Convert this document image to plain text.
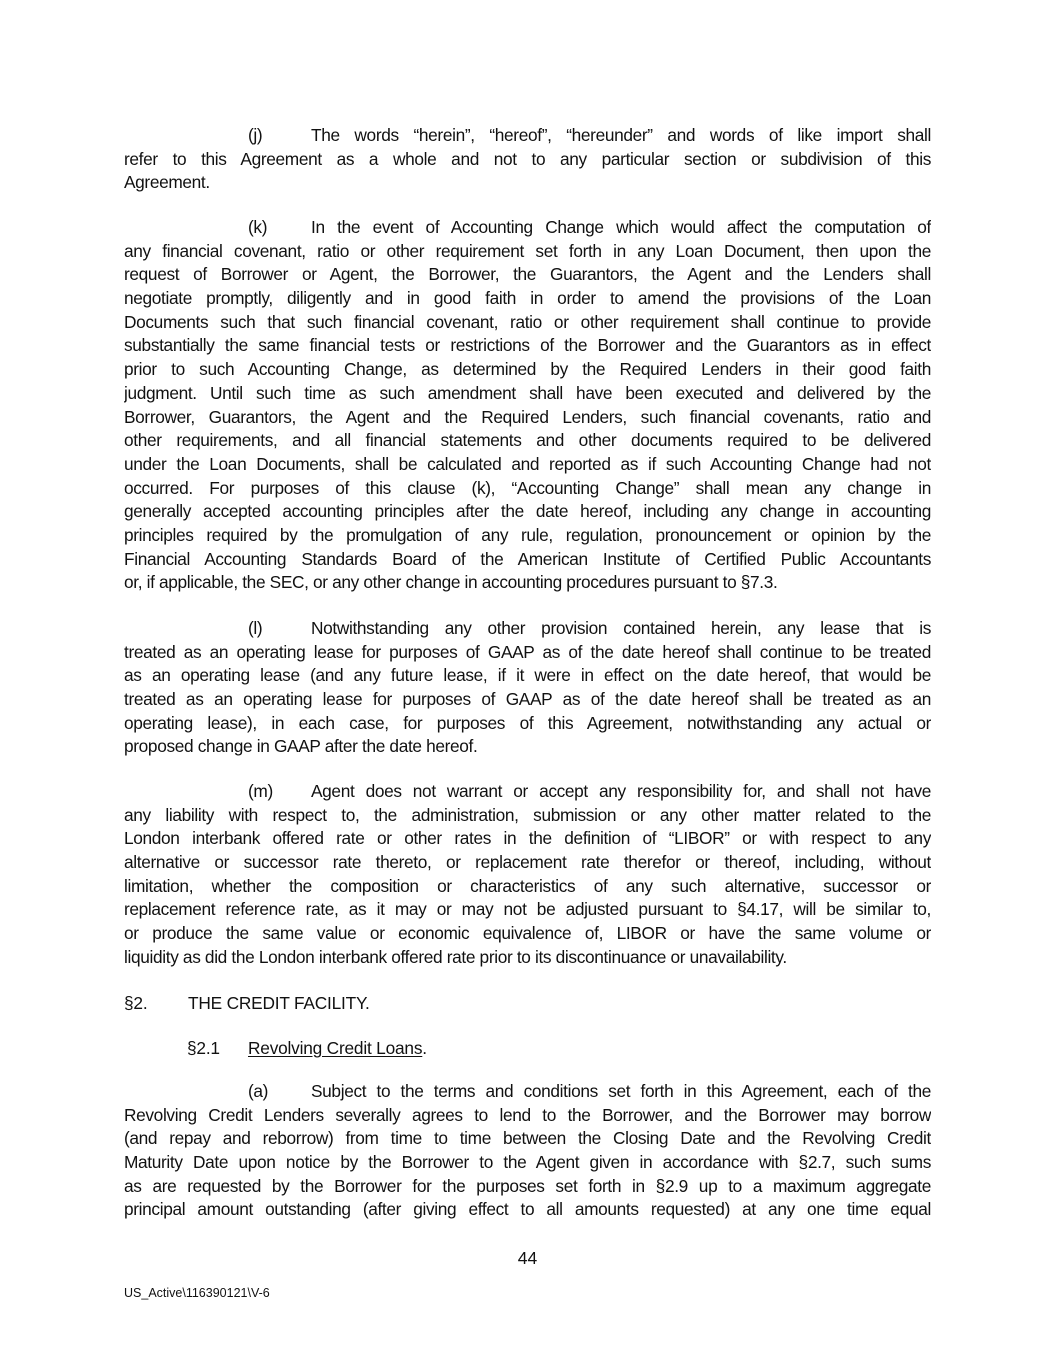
(j)	The words “herein”, “hereof”, “hereunder” and words of like import shall
refer to this Agreement as a whole and not to any particular section or subdivision of this
Agreement.
(k)	In the event of Accounting Change which would affect the computation of
any financial covenant, ratio or other requirement set forth in any Loan Document, then upon the
request of Borrower or Agent, the Borrower, the Guarantors, the Agent and the Lenders shall
negotiate promptly, diligently and in good faith in order to amend the provisions of the Loan
Documents such that such financial covenant, ratio or other requirement shall continue to provide
substantially the same financial tests or restrictions of the Borrower and the Guarantors as in effect
prior to such Accounting Change, as determined by the Required Lenders in their good faith
judgment. Until such time as such amendment shall have been executed and delivered by the
Borrower, Guarantors, the Agent and the Required Lenders, such financial covenants, ratio and
other requirements, and all financial statements and other documents required to be delivered
under the Loan Documents, shall be calculated and reported as if such Accounting Change had not
occurred. For purposes of this clause (k), “Accounting Change” shall mean any change in
generally accepted accounting principles after the date hereof, including any change in accounting
principles required by the promulgation of any rule, regulation, pronouncement or opinion by the
Financial Accounting Standards Board of the American Institute of Certified Public Accountants
or, if applicable, the SEC, or any other change in accounting procedures pursuant to §7.3.
(l)	Notwithstanding any other provision contained herein, any lease that is
treated as an operating lease for purposes of GAAP as of the date hereof shall continue to be treated
as an operating lease (and any future lease, if it were in effect on the date hereof, that would be
treated as an operating lease for purposes of GAAP as of the date hereof shall be treated as an
operating lease), in each case, for purposes of this Agreement, notwithstanding any actual or
proposed change in GAAP after the date hereof.
(m) Agent does not warrant or accept any responsibility for, and shall not have
any liability with respect to, the administration, submission or any other matter related to the
London interbank offered rate or other rates in the definition of “LIBOR” or with respect to any
alternative or successor rate thereto, or replacement rate therefor or thereof, including, without
limitation, whether the composition or characteristics of any such alternative, successor or
replacement reference rate, as it may or may not be adjusted pursuant to §4.17, will be similar to,
or produce the same value or economic equivalence of, LIBOR or have the same volume or
liquidity as did the London interbank offered rate prior to its discontinuance or unavailability.
§2. THE CREDIT FACILITY.
§2.1 Revolving Credit Loans.
(a) Subject to the terms and conditions set forth in this Agreement, each of the
Revolving Credit Lenders severally agrees to lend to the Borrower, and the Borrower may borrow
(and repay and reborrow) from time to time between the Closing Date and the Revolving Credit
Maturity Date upon notice by the Borrower to the Agent given in accordance with §2.7, such sums
as are requested by the Borrower for the purposes set forth in §2.9 up to a maximum aggregate
principal amount outstanding (after giving effect to all amounts requested) at any one time equal
44
US_Active\116390121\V-6
